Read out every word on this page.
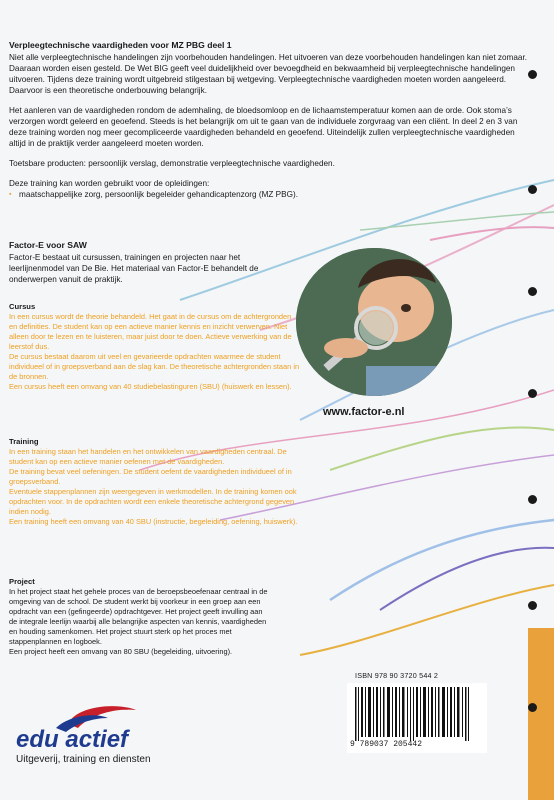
Verpleegtechnische vaardigheden voor MZ PBG deel 1

Niet alle verpleegtechnische handelingen zijn voorbehouden handelingen. Het uitvoeren van deze voorbehouden handelingen kan niet zomaar. Daaraan worden eisen gesteld. De Wet BIG geeft veel duidelijkheid over bevoegdheid en bekwaamheid bij verpleegtechnische handelingen uitvoeren. Tijdens deze training wordt uitgebreid stilgestaan bij wetgeving. Verpleegtechnische vaardigheden moeten worden aangeleerd. Daarvoor is een theoretische onderbouwing belangrijk.

Het aanleren van de vaardigheden rondom de ademhaling, de bloedsomloop en de lichaamstemperatuur komen aan de orde. Ook stoma’s verzorgen wordt geleerd en geoefend. Steeds is het belangrijk om uit te gaan van de individuele zorgvraag van een cliënt. In deel 2 en 3 van deze training worden nog meer gecompliceerde vaardigheden behandeld en geoefend. Uiteindelijk zullen verpleegtechnische vaardigheden altijd in de praktijk verder aangeleerd moeten worden.

Toetsbare producten: persoonlijk verslag, demonstratie verpleegtechnische vaardigheden.

Deze training kan worden gebruikt voor de opleidingen:

▪ maatschappelijke zorg, persoonlijk begeleider gehandicaptenzorg (MZ PBG).

Factor-E voor SAW

Factor-E bestaat uit cursussen, trainingen en projecten naar het leerlijnenmodel van De Bie. Het materiaal van Factor-E behandelt de onderwerpen vanuit de praktijk.

Cursus

In een cursus wordt de theorie behandeld. Het gaat in de cursus om de achtergronden en definities. De student kan op een actieve manier kennis en inzicht verwerven. Niet alleen door te lezen en te luisteren, maar juist door te doen. Actieve verwerking van de leerstof dus.

De cursus bestaat daarom uit veel en gevarieerde opdrachten waarmee de student individueel of in groepsverband aan de slag kan. De theoretische achtergronden staan in de bronnen.

Een cursus heeft een omvang van 40 studiebelastinguren (SBU) (huiswerk en lessen).

Training

In een training staan het handelen en het ontwikkelen van vaardigheden centraal. De student kan op een actieve manier oefenen met de vaardigheden.

De training bevat veel oefeningen. De student oefent de vaardigheden individueel of in groepsverband.

Eventuele stappenplannen zijn weergegeven in werkmodellen. In de training komen ook opdrachten voor. In de opdrachten wordt een enkele theoretische achtergrond gegeven indien nodig.

Een training heeft een omvang van 40 SBU (instructie, begeleiding, oefening, huiswerk).

Project

In het project staat het gehele proces van de beroepsbeoefenaar centraal in de omgeving van de school. De student werkt bij voorkeur in een groep aan een opdracht van een (gefingeerde) opdrachtgever. Het project geeft invulling aan de integrale leerlijn waarbij alle belangrijke aspecten van kennis, vaardigheden en houding samenkomen. Het project stuurt sterk op het proces met stappenplannen en logboek.

Een project heeft een omvang van 80 SBU (begeleiding, uitvoering).

www.factor-e.nl
ISBN 978 90 3720 544 2
9 789037 205442
edu actief
Uitgeverij, training en diensten
